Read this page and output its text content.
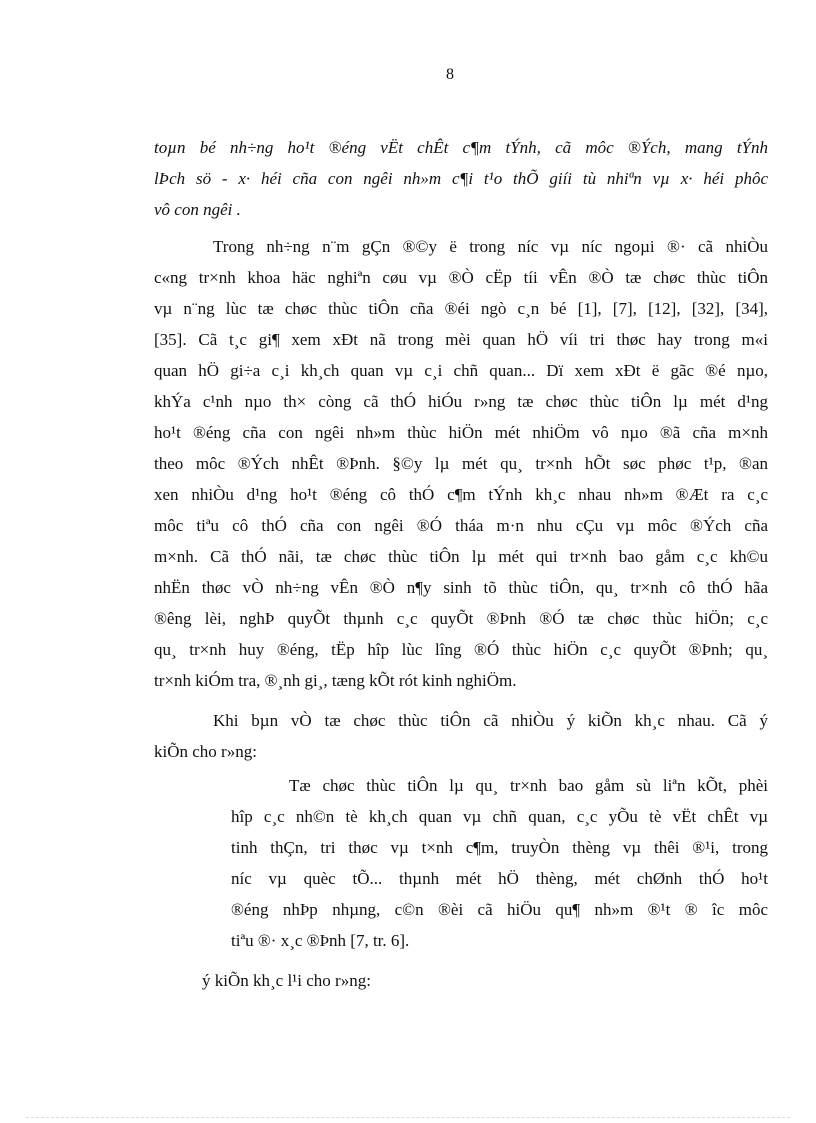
8
toµn bé nh÷ng ho¹t ®éng vËt chÊt c¶m tÝnh, cã môc ®Ých, mang tÝnh
lÞch sö - x· héi cña con ngêi nh»m c¶i t¹o thÕ giíi tù nhiªn vµ x· héi phôc
vô con ngêi .
Trong nh÷ng n¨m gÇn ®©y ë trong níc vµ níc ngoµi ®· cã nhiÒu
c«ng tr×nh khoa häc nghiªn cøu vµ ®Ò cËp tíi vÊn ®Ò tæ chøc thùc tiÔn
vµ n¨ng lùc tæ chøc thùc tiÔn cña ®éi ngò c¸n bé [1], [7], [12], [32], [34],
[35]. Cã t¸c gi¶ xem xÐt nã trong mèi quan hÖ víi tri thøc hay trong m«i
quan hÖ gi÷a c¸i kh¸ch quan vµ c¸i chñ quan... Dï xem xÐt ë gãc ®é nµo,
khÝa c¹nh nµo th× còng cã thÓ hiÓu r»ng tæ chøc thùc tiÔn lµ mét d¹ng
ho¹t ®éng cña con ngêi nh»m thùc hiÖn mét nhiÖm vô nµo ®ã cña m×nh
theo môc ®Ých nhÊt ®Þnh. §©y lµ mét qu¸ tr×nh hÕt søc phøc t¹p, ®an
xen nhiÒu d¹ng ho¹t ®éng cô thÓ c¶m tÝnh kh¸c nhau nh»m ®Æt ra c¸c
môc tiªu cô thÓ cña con ngêi ®Ó tháa m·n nhu cÇu vµ môc ®Ých cña
m×nh. Cã thÓ nãi, tæ chøc thùc tiÔn lµ mét qui tr×nh bao gåm c¸c kh©u
nhËn thøc vÒ nh÷ng vÊn ®Ò n¶y sinh tõ thùc tiÔn, qu¸ tr×nh cô thÓ hãa
®êng lèi, nghÞ quyÕt thµnh c¸c quyÕt ®Þnh ®Ó tæ chøc thùc hiÖn; c¸c
qu¸ tr×nh huy ®éng, tËp hîp lùc lîng ®Ó thùc hiÖn c¸c quyÕt ®Þnh; qu¸
tr×nh kiÓm tra, ®¸nh gi¸, tæng kÕt rót kinh nghiÖm.
Khi bµn vÒ tæ chøc thùc tiÔn cã nhiÒu ý kiÕn kh¸c nhau. Cã ý
kiÕn cho r»ng:
Tæ chøc thùc tiÔn lµ qu¸ tr×nh bao gåm sù liªn kÕt, phèi
hîp c¸c nh©n tè kh¸ch quan vµ chñ quan, c¸c yÕu tè vËt chÊt vµ
tinh thÇn, tri thøc vµ t×nh c¶m, truyÒn thèng vµ thêi ®¹i, trong
níc vµ quèc tÕ... thµnh mét hÖ thèng, mét chØnh thÓ ho¹t
®éng nhÞp nhµng, c©n ®èi cã hiÖu qu¶ nh»m ®¹t ® îc môc
tiªu ®· x¸c ®Þnh [7, tr. 6].
ý kiÕn kh¸c l¹i cho r»ng:
